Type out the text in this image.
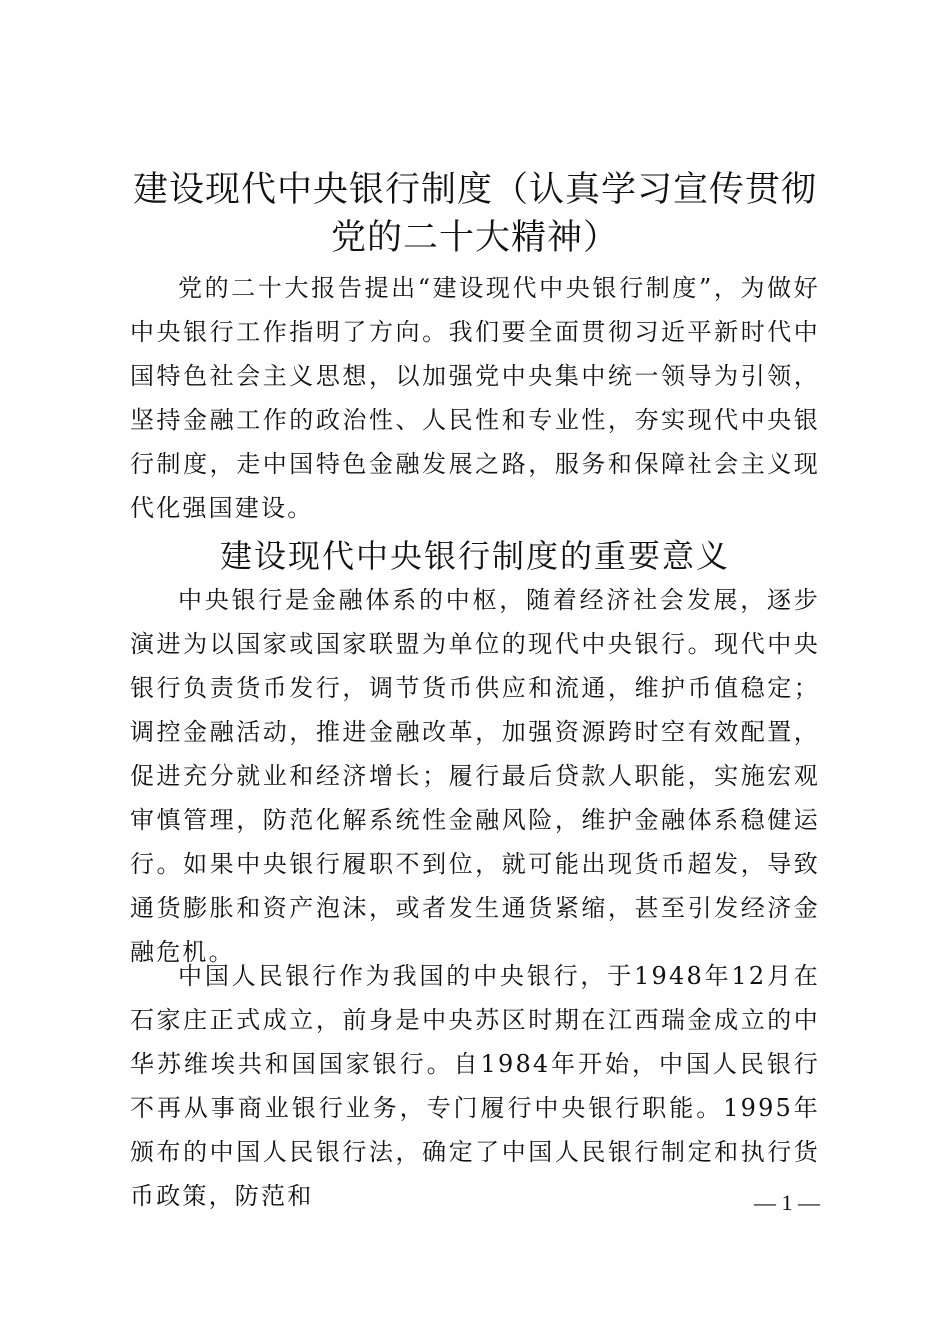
建设现代中央银行制度（认真学习宣传贯彻党的二十大精神）

党的二十大报告提出“建设现代中央银行制度”，为做好中央银行工作指明了方向。我们要全面贯彻习近平新时代中国特色社会主义思想，以加强党中央集中统一领导为引领，坚持金融工作的政治性、人民性和专业性，夯实现代中央银行制度，走中国特色金融发展之路，服务和保障社会主义现代化强国建设。

建设现代中央银行制度的重要意义

中央银行是金融体系的中枢，随着经济社会发展，逐步演进为以国家或国家联盟为单位的现代中央银行。现代中央银行负责货币发行，调节货币供应和流通，维护币值稳定；调控金融活动，推进金融改革，加强资源跨时空有效配置，促进充分就业和经济增长；履行最后贷款人职能，实施宏观审慎管理，防范化解系统性金融风险，维护金融体系稳健运行。如果中央银行履职不到位，就可能出现货币超发，导致通货膨胀和资产泡沫，或者发生通货紧缩，甚至引发经济金融危机。

中国人民银行作为我国的中央银行，于1948年12月在石家庄正式成立，前身是中央苏区时期在江西瑞金成立的中华苏维埃共和国国家银行。自1984年开始，中国人民银行不再从事商业银行业务，专门履行中央银行职能。1995年颁布的中国人民银行法，确定了中国人民银行制定和执行货币政策，防范和	— 1 —
